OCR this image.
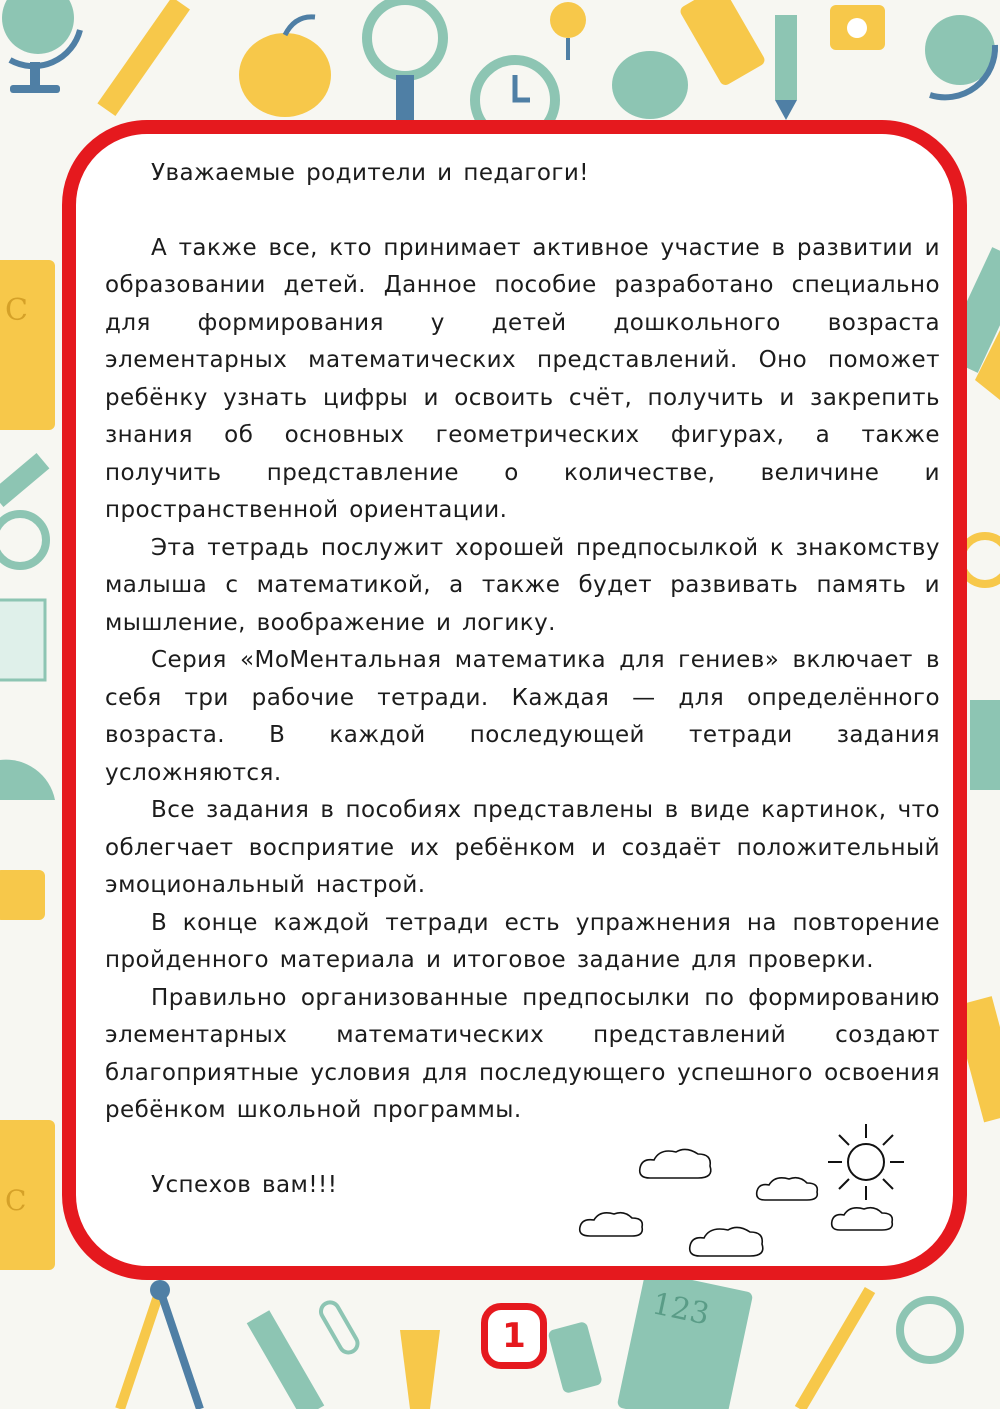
C
C
123

Уважаемые родители и педагоги!

А также все, кто принимает активное участие в развитии и образовании детей. Данное пособие разработано специально для формирования у детей дошкольного возраста элементарных математических представлений. Оно поможет ребёнку узнать цифры и освоить счёт, получить и закрепить знания об основных геометрических фигурах, а также получить представление о количестве, величине и пространственной ориентации.

Эта тетрадь послужит хорошей предпосылкой к знакомству малыша с математикой, а также будет развивать память и мышление, воображение и логику.

Серия «МоМентальная математика для гениев» включает в себя три рабочие тетради. Каждая — для определённого возраста. В каждой последующей тетради задания усложняются.

Все задания в пособиях представлены в виде картинок, что облегчает восприятие их ребёнком и создаёт положительный эмоциональный настрой.

В конце каждой тетради есть упражнения на повторение пройденного материала и итоговое задание для проверки.

Правильно организованные предпосылки по формированию элементарных математических представлений создают благоприятные условия для последующего успешного освоения ребёнком школьной программы.

Успехов вам!!!

1
